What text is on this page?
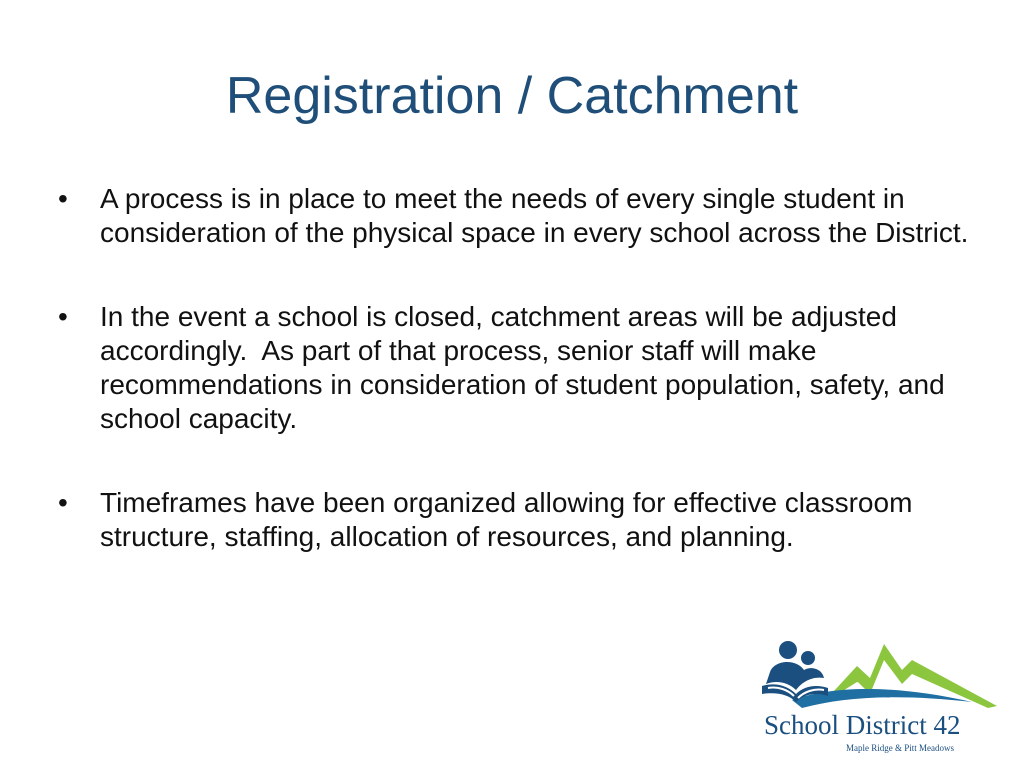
Registration / Catchment
•	A process is in place to meet the needs of every single student in consideration of the physical space in every school across the District.
•	In the event a school is closed, catchment areas will be adjusted accordingly.  As part of that process, senior staff will make recommendations in consideration of student population, safety, and school capacity.
•	Timeframes have been organized allowing for effective classroom structure, staffing, allocation of resources, and planning.
School District 42
Maple Ridge & Pitt Meadows
